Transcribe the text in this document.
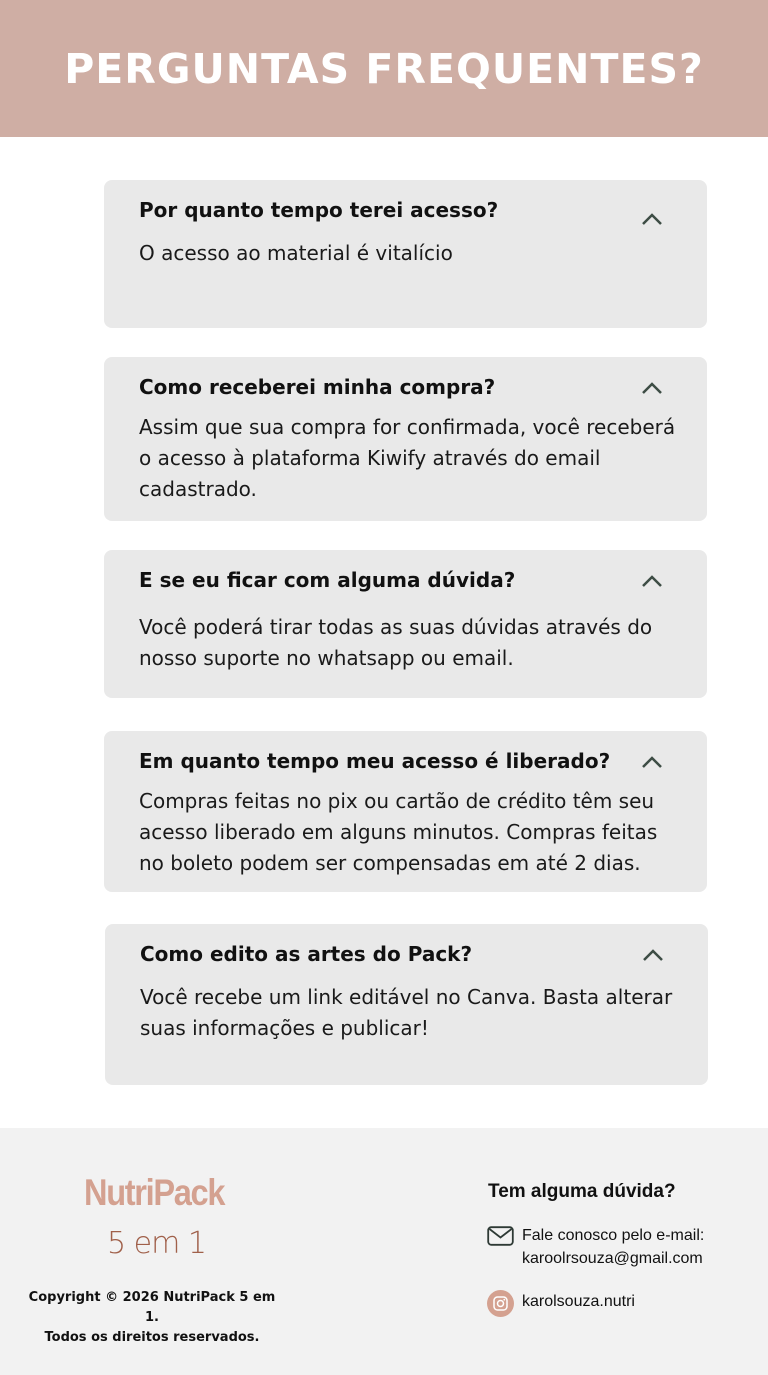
PERGUNTAS FREQUENTES?
Por quanto tempo terei acesso?
O acesso ao material é vitalício
Como receberei minha compra?
Assim que sua compra for confirmada, você receberá o acesso à plataforma Kiwify através do email cadastrado.
E se eu ficar com alguma dúvida?
Você poderá tirar todas as suas dúvidas através do nosso suporte no whatsapp ou email.
Em quanto tempo meu acesso é liberado?
Compras feitas no pix ou cartão de crédito têm seu acesso liberado em alguns minutos. Compras feitas no boleto podem ser compensadas em até 2 dias.
Como edito as artes do Pack?
Você recebe um link editável no Canva. Basta alterar suas informações e publicar!
NutriPack
5 em 1
Copyright © 2026 NutriPack 5 em 1.
Todos os direitos reservados.
Tem alguma dúvida?
Fale conosco pelo e-mail:
karoolrsouza@gmail.com
karolsouza.nutri
